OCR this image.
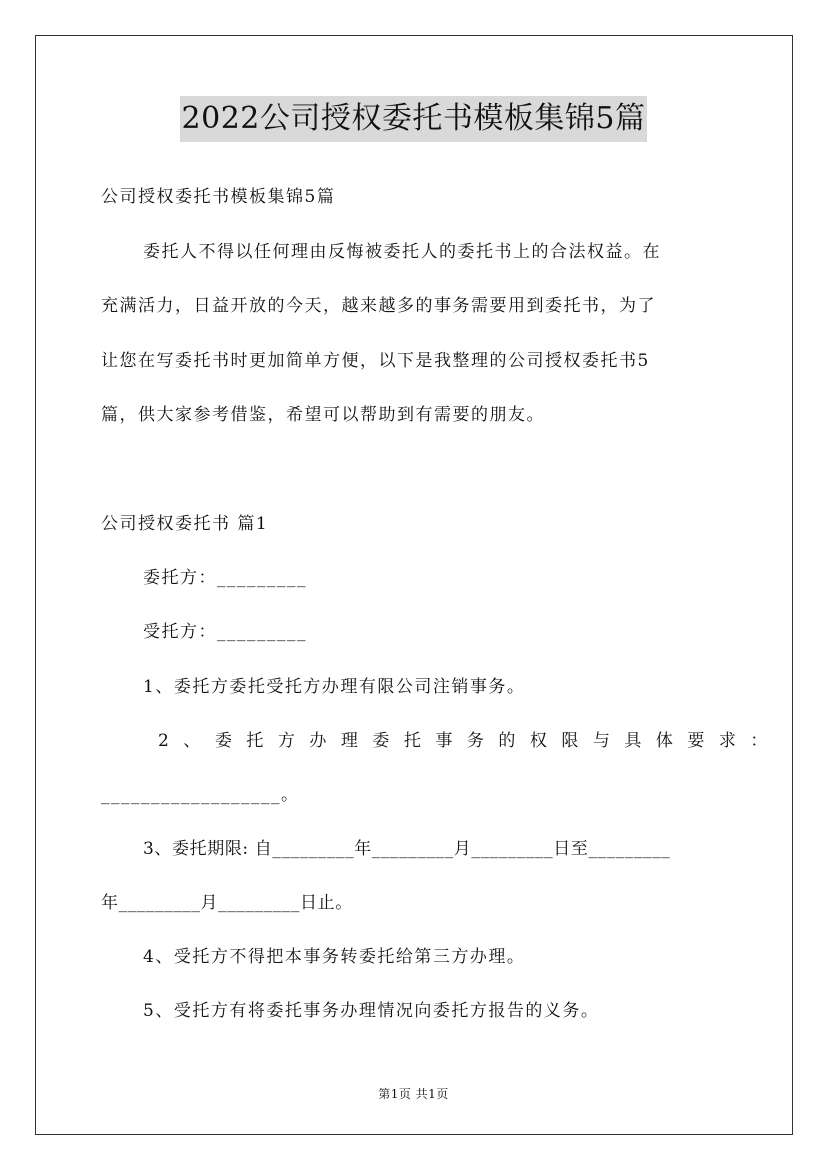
2022公司授权委托书模板集锦5篇
公司授权委托书模板集锦5篇
委托人不得以任何理由反悔被委托人的委托书上的合法权益。在
充满活力，日益开放的今天，越来越多的事务需要用到委托书，为了
让您在写委托书时更加简单方便，以下是我整理的公司授权委托书5
篇，供大家参考借鉴，希望可以帮助到有需要的朋友。
公司授权委托书 篇1
委托方：_________
受托方：_________
1、委托方委托受托方办理有限公司注销事务。
2、委托方办理委托事务的权限与具体要求：
__________________。
3、委托期限: 自_________年_________月_________日至_________
年_________月_________日止。
4、受托方不得把本事务转委托给第三方办理。
5、受托方有将委托事务办理情况向委托方报告的义务。
第1页 共1页
